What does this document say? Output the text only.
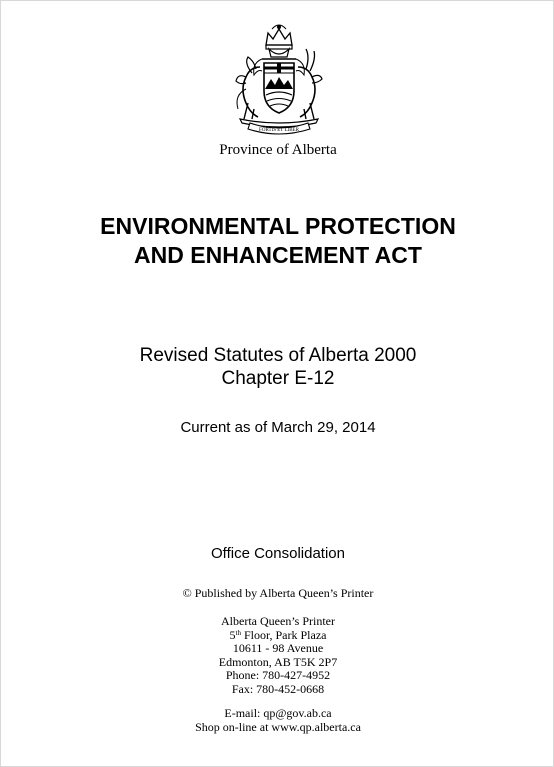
FORTIS ET LIBER
Province of Alberta
ENVIRONMENTAL PROTECTION
AND ENHANCEMENT ACT
Revised Statutes of Alberta 2000
Chapter E-12
Current as of March 29, 2014
Office Consolidation
© Published by Alberta Queen’s Printer
Alberta Queen’s Printer
5th Floor, Park Plaza
10611 - 98 Avenue
Edmonton, AB T5K 2P7
Phone: 780-427-4952
Fax: 780-452-0668
E-mail: qp@gov.ab.ca
Shop on-line at www.qp.alberta.ca
